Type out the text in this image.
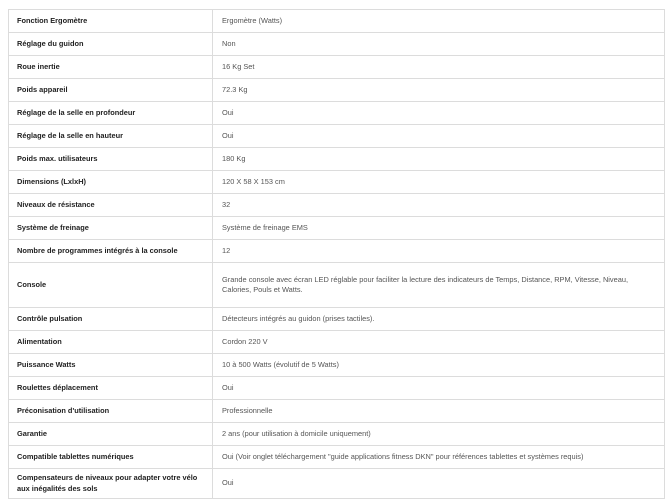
Fonction Ergomètre	Ergomètre (Watts)
Réglage du guidon	Non
Roue inertie	16 Kg Set
Poids appareil	72.3 Kg
Réglage de la selle en profondeur	Oui
Réglage de la selle en hauteur	Oui
Poids max. utilisateurs	180 Kg
Dimensions (LxlxH)	120 X 58 X 153 cm
Niveaux de résistance	32
Système de freinage	Système de freinage EMS
Nombre de programmes intégrés à la console	12
Console	Grande console avec écran LED réglable pour faciliter la lecture des indicateurs de Temps, Distance, RPM, Vitesse, Niveau, Calories, Pouls et Watts.
Contrôle pulsation	Détecteurs intégrés au guidon (prises tactiles).
Alimentation	Cordon 220 V
Puissance Watts	10 à 500 Watts (évolutif de 5 Watts)
Roulettes déplacement	Oui
Préconisation d'utilisation	Professionnelle
Garantie	2 ans (pour utilisation à domicile uniquement)
Compatible tablettes numériques	Oui (Voir onglet téléchargement "guide applications fitness DKN" pour références tablettes et systèmes requis)
Compensateurs de niveaux pour adapter votre vélo aux inégalités des sols	Oui
